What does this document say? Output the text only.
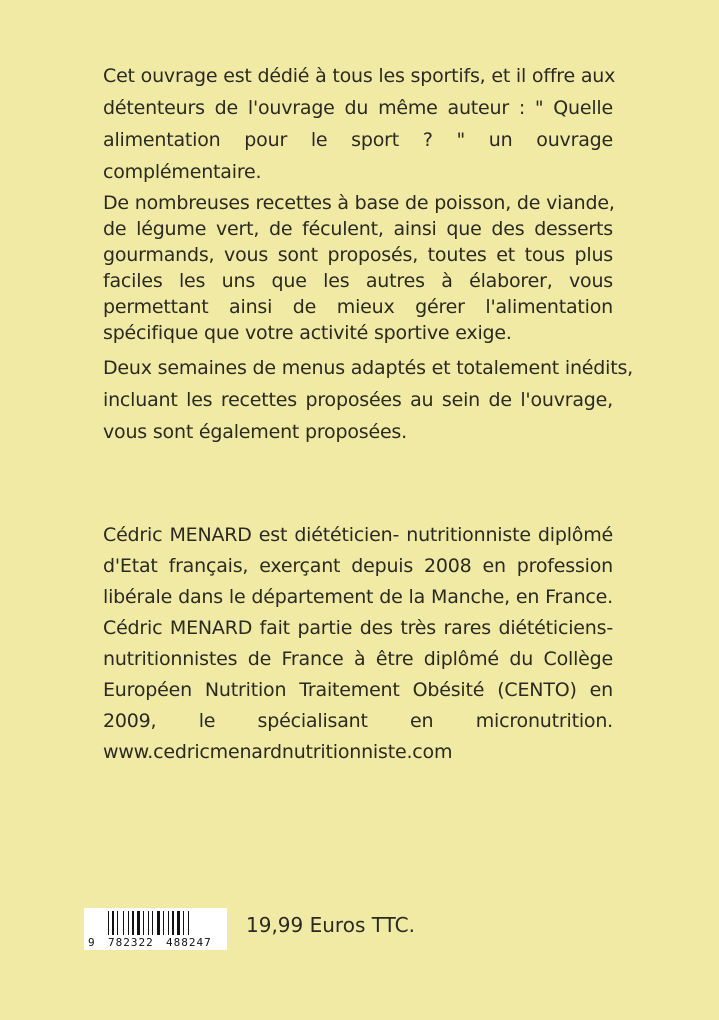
Cet ouvrage est dédié à tous les sportifs, et il offre aux
détenteurs de l'ouvrage du même auteur : " Quelle
alimentation pour le sport ? " un ouvrage
complémentaire.
De nombreuses recettes à base de poisson, de viande,
de légume vert, de féculent, ainsi que des desserts
gourmands, vous sont proposés, toutes et tous plus
faciles les uns que les autres à élaborer, vous
permettant ainsi de mieux gérer l'alimentation
spécifique que votre activité sportive exige.
Deux semaines de menus adaptés et totalement inédits,
incluant les recettes proposées au sein de l'ouvrage,
vous sont également proposées.
Cédric MENARD est diététicien- nutritionniste diplômé
d'Etat français, exerçant depuis 2008 en profession
libérale dans le département de la Manche, en France.
Cédric MENARD fait partie des très rares diététiciens-
nutritionnistes de France à être diplômé du Collège
Européen Nutrition Traitement Obésité (CENTO) en
2009, le spécialisant en micronutrition.
www.cedricmenardnutritionniste.com
9 782322 488247
19,99 Euros TTC.
